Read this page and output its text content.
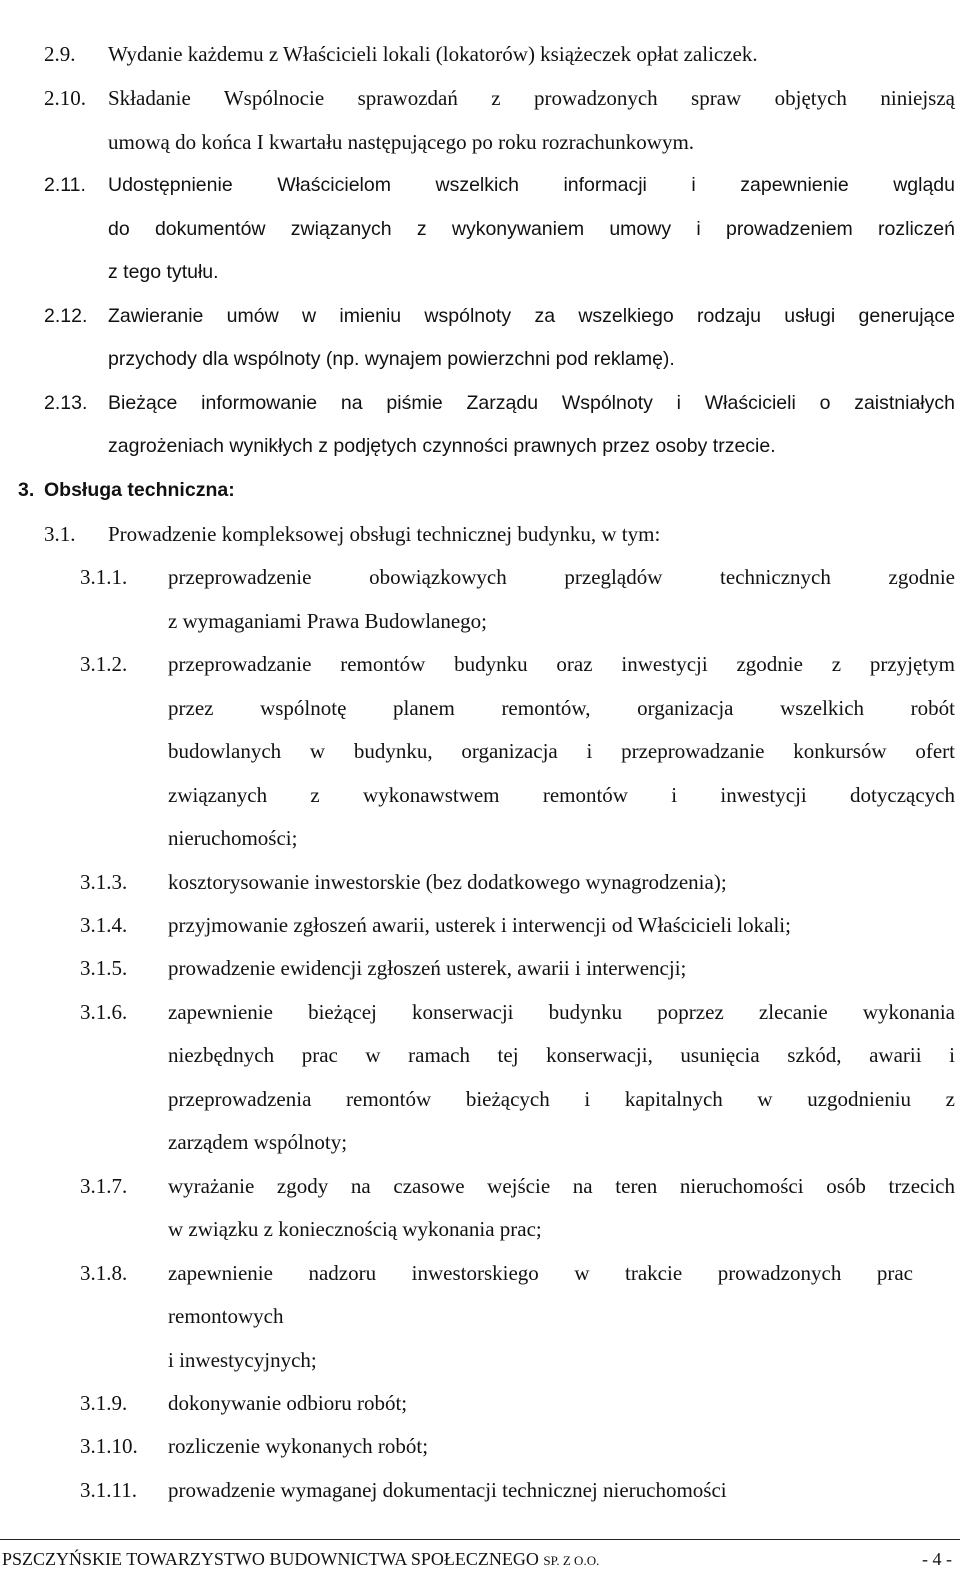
2.9. Wydanie każdemu z Właścicieli lokali (lokatorów) książeczek opłat zaliczek.
2.10. Składanie Wspólnocie sprawozdań z prowadzonych spraw objętych niniejszą
umową do końca I kwartału następującego po roku rozrachunkowym.
2.11. Udostępnienie Właścicielom wszelkich informacji i zapewnienie wglądu
do dokumentów związanych z wykonywaniem umowy i prowadzeniem rozliczeń
z tego tytułu.
2.12. Zawieranie umów w imieniu wspólnoty za wszelkiego rodzaju usługi generujące
przychody dla wspólnoty (np. wynajem powierzchni pod reklamę).
2.13. Bieżące informowanie na piśmie Zarządu Wspólnoty i Właścicieli o zaistniałych
zagrożeniach wynikłych z podjętych czynności prawnych przez osoby trzecie.
3. Obsługa techniczna:
3.1. Prowadzenie kompleksowej obsługi technicznej budynku, w tym:
3.1.1. przeprowadzenie obowiązkowych przeglądów technicznych zgodnie
z wymaganiami Prawa Budowlanego;
3.1.2. przeprowadzanie remontów budynku oraz inwestycji zgodnie z przyjętym
przez wspólnotę planem remontów, organizacja wszelkich robót
budowlanych w budynku, organizacja i przeprowadzanie konkursów ofert
związanych z wykonawstwem remontów i inwestycji dotyczących
nieruchomości;
3.1.3. kosztorysowanie inwestorskie (bez dodatkowego wynagrodzenia);
3.1.4. przyjmowanie zgłoszeń awarii, usterek i interwencji od Właścicieli lokali;
3.1.5. prowadzenie ewidencji zgłoszeń usterek, awarii i interwencji;
3.1.6. zapewnienie bieżącej konserwacji budynku poprzez zlecanie wykonania
niezbędnych prac w ramach tej konserwacji, usunięcia szkód, awarii i
przeprowadzenia remontów bieżących i kapitalnych w uzgodnieniu z
zarządem wspólnoty;
3.1.7. wyrażanie zgody na czasowe wejście na teren nieruchomości osób trzecich
w związku z koniecznością wykonania prac;
3.1.8. zapewnienie nadzoru inwestorskiego w trakcie prowadzonych prac
remontowych
i inwestycyjnych;
3.1.9. dokonywanie odbioru robót;
3.1.10. rozliczenie wykonanych robót;
3.1.11. prowadzenie wymaganej dokumentacji technicznej nieruchomości
PSZCZYŃSKIE TOWARZYSTWO BUDOWNICTWA SPOŁECZNEGO SP. Z O.O.	- 4 -
